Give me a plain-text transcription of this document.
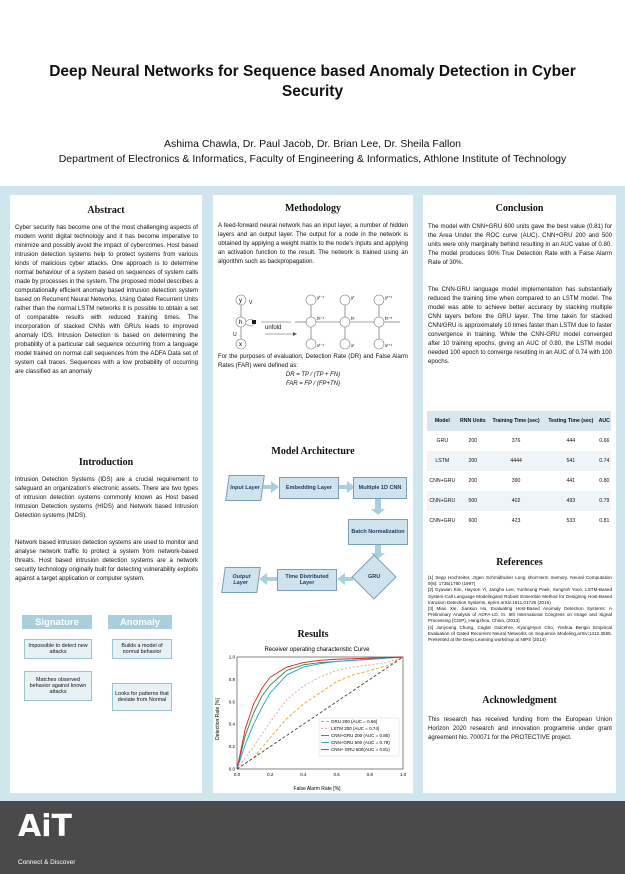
Deep Neural Networks for Sequence based Anomaly Detection in Cyber Security
Ashima Chawla, Dr. Paul Jacob, Dr. Brian Lee, Dr. Sheila Fallon
Department of Electronics & Informatics, Faculty of Engineering & Informatics, Athlone Institute of Technology
Abstract

Cyber security has become one of the most challenging aspects of modern world digital technology and it has become imperative to minimize and possibly avoid the impact of cybercrimes. Host based intrusion detection systems help to protect systems from various kinds of malicious cyber attacks. One approach is to determine normal behaviour of a system based on sequences of system calls made by processes in the system. The proposed model describes a computationally efficient anomaly based intrusion detection system based on Recurrent Neural Networks. Using Gated Recurrent Units rather than the normal LSTM networks it is possible to obtain a set of comparable results with reduced training times. The incorporation of stacked CNNs with GRUs leads to improved anomaly IDS. Intrusion Detection is based on determining the probability of a particular call sequence occurring from a language model trained on normal call sequences from the ADFA Data set of system call traces. Sequences with a low probability of occurring are classified as an anomaly

Introduction

Intrusion Detection Systems (IDS) are a crucial requirement to safeguard an organization's electronic assets. There are two types of intrusion detection systems commonly known as Host based Intrusion Detection systems (HIDS) and Network based Intrusion Detection systems (NIDS).

Network based intrusion detection systems are used to monitor and analyse network traffic to protect a system from network-based threats. Host based intrusion detection systems are a network security technology originally built for detecting vulnerability exploits against a target application or computer system.

Signature	Anomaly
Impossible to detect new attacks
Matches observed behavior against known attacks
Builds a model of normal behavior
Looks for patterns that deviate from Normal

Methodology

A feed-forward neural network has an input layer, a number of hidden layers and an output layer. The output for a node in the network is obtained by applying a weight matrix to the node's inputs and applying an activation function to the result. The network is trained using an algorithm such as backpropagation.

y
h
x
V
U
yᵗ⁻¹	yᵗ	yᵗ⁺¹
hᵗ⁻¹	hᵗ	hᵗ⁺¹
xᵗ⁻¹	xᵗ	xᵗ⁺¹
unfold

For the purposes of evaluation, Detection Rate (DR) and False Alarm Rates (FAR) were defined as:

DR = TP / (TP + FN)
FAR = FP / (FP+TN)
Model Architecture
Input Layer	Embedding Layer	Multiple 1D CNN
Batch Normalization
GRU
Time Distributed Layer
Output Layer
Results
Receiver operating characteristic Curve
0.0	0.2	0.4	0.6	0.8	1.0
0.0
0.2
0.4
0.6
0.8
1.0
GRU 200 (AUC = 0.66)
LSTM 200 (AUC = 0.74)
CNN+GRU 200 (AUC = 0.80)
CNN+GRU 500 (AUC = 0.79)
CNN+ GRU 600(AUC = 0.81)
False Alarm Rate [%]
Detection Rate [%]
Conclusion

The model with CNN+GRU 600 units gave the best value (0.81) for the Area Under the ROC curve (AUC). CNN+GRU 200 and 500 units were only marginally behind resulting in an AUC value of 0.80. The model produces 90% True Detection Rate with a False Alarm Rate of 30%.

The CNN-GRU language model implementation has substantially reduced the training time when compared to an LSTM model. The model was able to achieve better accuracy by stacking multiple CNN layers before the GRU layer. The time taken for stacked CNN/GRU is approximately 10 times faster than LSTM due to faster convergence in training. While the CNN-GRU model converged after 10 training epochs, giving an AUC of 0.80, the LSTM model needed 100 epoch to converge resulting in an AUC of 0.74 with 100 epochs.

Model	RNN Units	Training Time (sec)	Testing Time (sec)	AUC
GRU	200	376	444	0.66
LSTM	200	4444	541	0.74
CNN+GRU	200	390	441	0.80
CNN+GRU	500	402	493	0.79
CNN+GRU	600	423	533	0.81
References

[1] Sepp Hochreiter, Jrgen Schmidhuber Long short-term memory. Neural Computation 9(8): 1735(1780 (1997)

[2] Gyuwan Kim, Hayoon Yi, Jangho Lee, Yunheung Paek, Sungroh Yoon, LSTM-Based System-Call Language Modelingand Robust Ensemble Method for Designing Host-Based Intrusion Detection Systems, eprint arXiv:1611.01726 (2016)

[3] Miao Xie, Jiankun Hu, Evaluating Host-Based Anomaly Detection Systems: A Preliminary Analysis of ADFA-LD, In: 6th International Congress on Image and Signal Processing (CISP), Hangzhou, China, (2013)

[4] Junyoung Chung, Caglar Gulcehre, KyungHyun Cho, Yoshua Bengio Empirical Evaluation of Gated Recurrent Neural Networks on Sequence Modeling,arXiv:1412.3555. Presented at the Deep Learning workshop at NIPS (2014)

Acknowledgment

This research has received funding from the European Union Horizon 2020 research and innovation programme under grant agreement No. 700071 for the PROTECTIVE project.

AiT
Connect & Discover
